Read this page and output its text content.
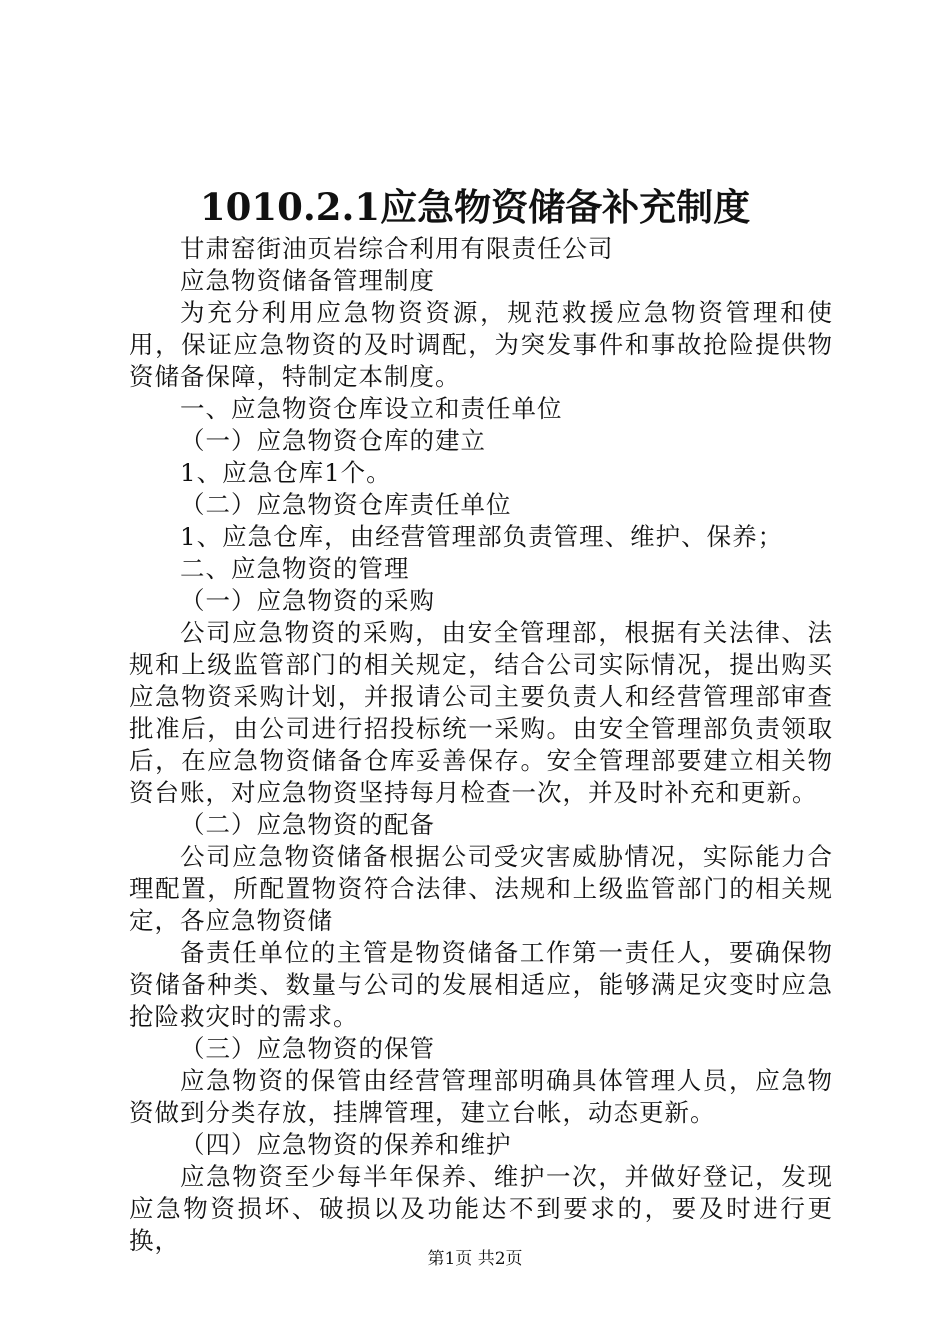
1010.2.1应急物资储备补充制度

甘肃窑街油页岩综合利用有限责任公司

应急物资储备管理制度

为充分利用应急物资资源，规范救援应急物资管理和使用，保证应急物资的及时调配，为突发事件和事故抢险提供物资储备保障，特制定本制度。

一、应急物资仓库设立和责任单位

（一）应急物资仓库的建立

1、应急仓库1个。

（二）应急物资仓库责任单位

1、应急仓库，由经营管理部负责管理、维护、保养；

二、应急物资的管理

（一）应急物资的采购

公司应急物资的采购，由安全管理部，根据有关法律、法规和上级监管部门的相关规定，结合公司实际情况，提出购买应急物资采购计划，并报请公司主要负责人和经营管理部审查批准后，由公司进行招投标统一采购。由安全管理部负责领取后，在应急物资储备仓库妥善保存。安全管理部要建立相关物资台账，对应急物资坚持每月检查一次，并及时补充和更新。

（二）应急物资的配备

公司应急物资储备根据公司受灾害威胁情况，实际能力合理配置，所配置物资符合法律、法规和上级监管部门的相关规定，各应急物资储

备责任单位的主管是物资储备工作第一责任人，要确保物资储备种类、数量与公司的发展相适应，能够满足灾变时应急抢险救灾时的需求。

（三）应急物资的保管

应急物资的保管由经营管理部明确具体管理人员，应急物资做到分类存放，挂牌管理，建立台帐，动态更新。

（四）应急物资的保养和维护

应急物资至少每半年保养、维护一次，并做好登记，发现应急物资损坏、破损以及功能达不到要求的，要及时进行更换，

第1页 共2页
